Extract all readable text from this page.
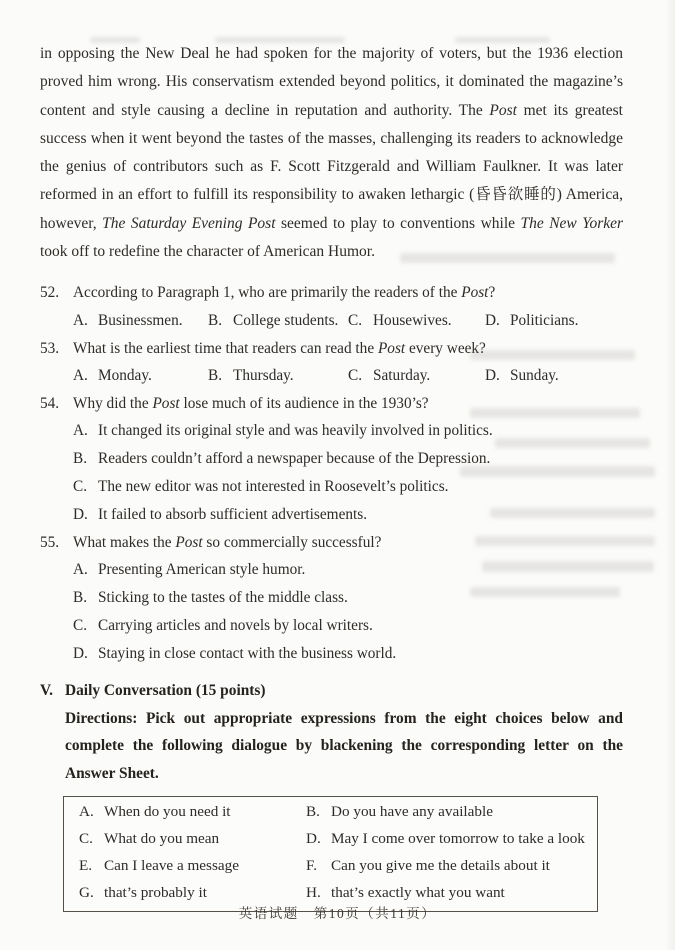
in opposing the New Deal he had spoken for the majority of voters, but the 1936 election proved him wrong. His conservatism extended beyond politics, it dominated the magazine’s content and style causing a decline in reputation and authority. The Post met its greatest success when it went beyond the tastes of the masses, challenging its readers to acknowledge the genius of contributors such as F. Scott Fitzgerald and William Faulkner. It was later reformed in an effort to fulfill its responsibility to awaken lethargic (昏昏欲睡的) America, however, The Saturday Evening Post seemed to play to conventions while The New Yorker took off to redefine the character of American Humor.

52. According to Paragraph 1, who are primarily the readers of the Post?
A. Businessmen.	B. College students. C. Housewives.	D. Politicians.
53. What is the earliest time that readers can read the Post every week?
A. Monday.	B. Thursday.	C. Saturday.	D. Sunday.
54. Why did the Post lose much of its audience in the 1930’s?
A. It changed its original style and was heavily involved in politics.
B. Readers couldn’t afford a newspaper because of the Depression.
C. The new editor was not interested in Roosevelt’s politics.
D. It failed to absorb sufficient advertisements.
55. What makes the Post so commercially successful?
A. Presenting American style humor.
B. Sticking to the tastes of the middle class.
C. Carrying articles and novels by local writers.
D. Staying in close contact with the business world.
V. Daily Conversation (15 points)
Directions: Pick out appropriate expressions from the eight choices below and complete the following dialogue by blackening the corresponding letter on the Answer Sheet.
A. When do you need it	B. Do you have any available
C. What do you mean	D. May I come over tomorrow to take a look
E. Can I leave a message	F. Can you give me the details about it
G. that’s probably it	H. that’s exactly what you want
英语试题　第10页（共11页）
